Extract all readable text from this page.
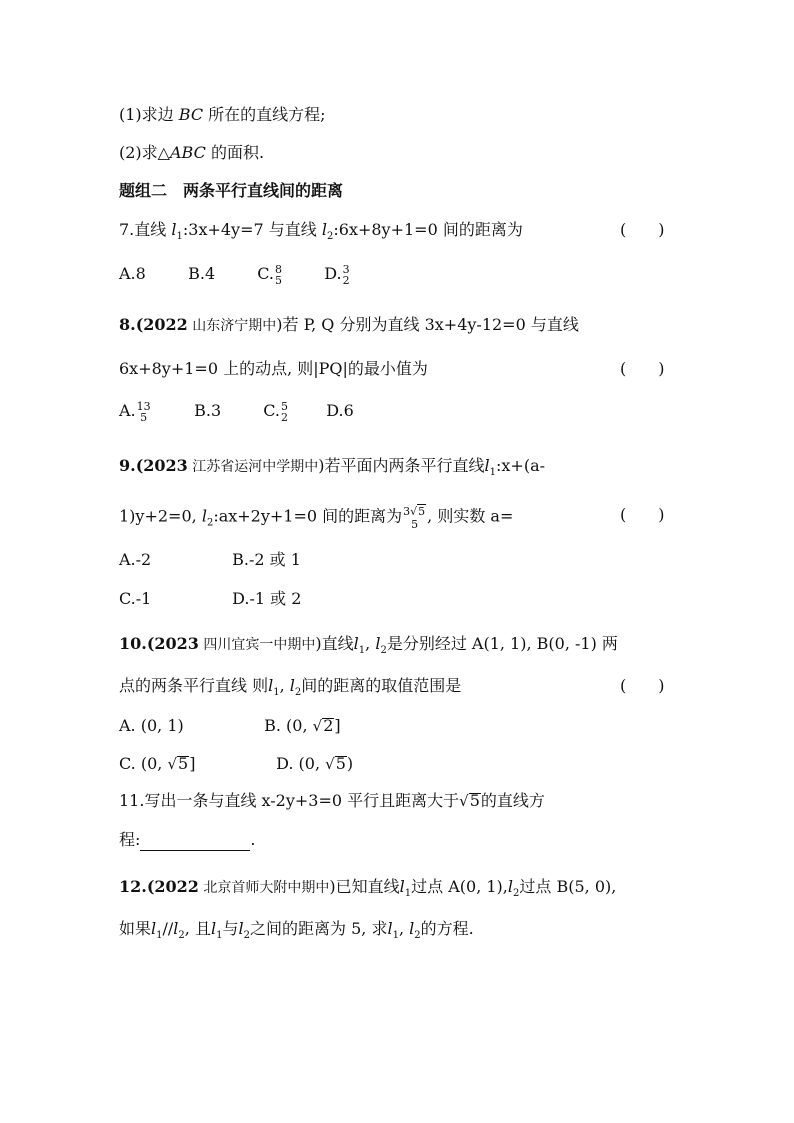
(1)求边 BC 所在的直线方程;
(2)求△ABC 的面积.
题组二　两条平行直线间的距离
7.直线 $l_1:3x+4y=7$ 与直线 $l_2:6x+8y+1=0$ 间的距离为	(　　)
A.8	B.4	C. 8
5	D. 3
2
8.(2022 山东济宁期中)若 P, Q 分别为直线 3x+4y-12=0 与直线
6x+8y+1=0 上的动点, 则|PQ|的最小值为	(　　)
A. 13
5	B.3	C. 5
2 D.6
9.(2023 江苏省运河中学期中)若平面内两条平行直线$l_1:x+(a-$
1)y+2=0, $l_2:ax+2y+1=0$ 间的距离为 3√5
5 , 则实数 a=	(　　)
A.-2	B.-2 或 1
C.-1	D.-1 或 2
10.(2023 四川宜宾一中期中)直线$l_1$, $l_2$是分别经过 A(1, 1), B(0, -1) 两
点的两条平行直线 则$l_1$, $l_2$间的距离的取值范围是	(　　)
A. (0, 1)	B. (0, √2]
C. (0, √5]	D. (0, √5)
11.写出一条与直线 x-2y+3=0 平行且距离大于√5的直线方
程:	.
12.(2022 北京首师大附中期中)已知直线$l_1$过点 A(0, $1),l_2$过点 B(5, 0),
如果$l_1//l_2$, 且$l_1$与$l_2$之间的距离为 5, 求$l_1$, $l_2$的方程.
